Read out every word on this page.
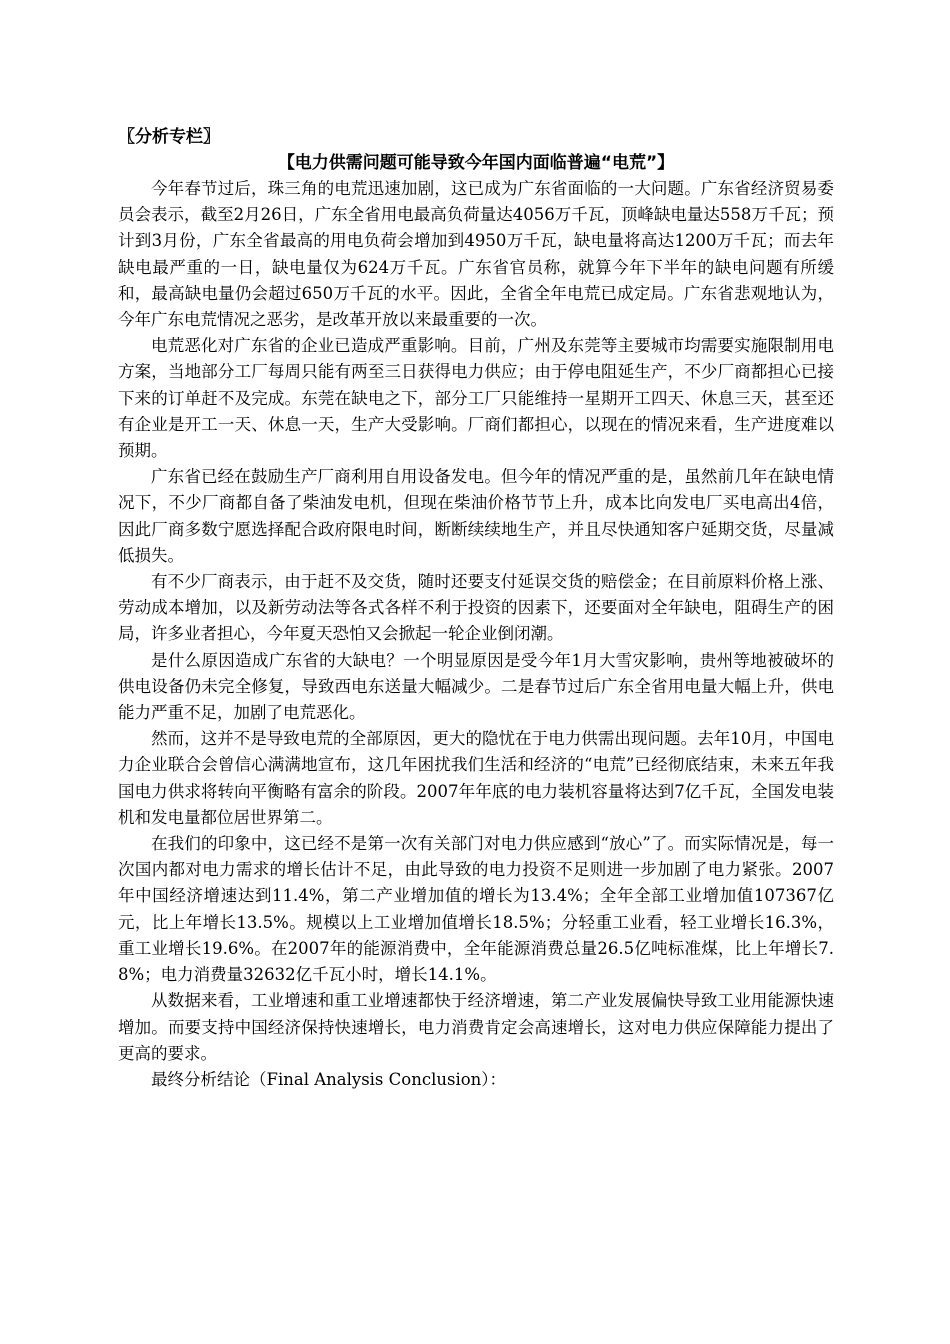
〖分析专栏〗
【电力供需问题可能导致今年国内面临普遍“电荒”】

今年春节过后，珠三角的电荒迅速加剧，这已成为广东省面临的一大问题。广东省经济贸易委员会表示，截至2月26日，广东全省用电最高负荷量达4056万千瓦，顶峰缺电量达558万千瓦；预计到3月份，广东全省最高的用电负荷会增加到4950万千瓦，缺电量将高达1200万千瓦；而去年缺电最严重的一日，缺电量仅为624万千瓦。广东省官员称，就算今年下半年的缺电问题有所缓和，最高缺电量仍会超过650万千瓦的水平。因此，全省全年电荒已成定局。广东省悲观地认为，今年广东电荒情况之恶劣，是改革开放以来最重要的一次。

电荒恶化对广东省的企业已造成严重影响。目前，广州及东莞等主要城市均需要实施限制用电方案，当地部分工厂每周只能有两至三日获得电力供应；由于停电阻延生产，不少厂商都担心已接下来的订单赶不及完成。东莞在缺电之下，部分工厂只能维持一星期开工四天、休息三天，甚至还有企业是开工一天、休息一天，生产大受影响。厂商们都担心，以现在的情况来看，生产进度难以预期。

广东省已经在鼓励生产厂商利用自用设备发电。但今年的情况严重的是，虽然前几年在缺电情况下，不少厂商都自备了柴油发电机，但现在柴油价格节节上升，成本比向发电厂买电高出4倍，因此厂商多数宁愿选择配合政府限电时间，断断续续地生产，并且尽快通知客户延期交货，尽量减低损失。

有不少厂商表示，由于赶不及交货，随时还要支付延误交货的赔偿金；在目前原料价格上涨、劳动成本增加，以及新劳动法等各式各样不利于投资的因素下，还要面对全年缺电，阻碍生产的困局，许多业者担心，今年夏天恐怕又会掀起一轮企业倒闭潮。

是什么原因造成广东省的大缺电？一个明显原因是受今年1月大雪灾影响，贵州等地被破坏的供电设备仍未完全修复，导致西电东送量大幅减少。二是春节过后广东全省用电量大幅上升，供电能力严重不足，加剧了电荒恶化。

然而，这并不是导致电荒的全部原因，更大的隐忧在于电力供需出现问题。去年10月，中国电力企业联合会曾信心满满地宣布，这几年困扰我们生活和经济的“电荒”已经彻底结束，未来五年我国电力供求将转向平衡略有富余的阶段。2007年年底的电力装机容量将达到7亿千瓦，全国发电装机和发电量都位居世界第二。

在我们的印象中，这已经不是第一次有关部门对电力供应感到“放心”了。而实际情况是，每一次国内都对电力需求的增长估计不足，由此导致的电力投资不足则进一步加剧了电力紧张。2007年中国经济增速达到11.4%，第二产业增加值的增长为13.4%；全年全部工业增加值107367亿元，比上年增长13.5%。规模以上工业增加值增长18.5%；分轻重工业看，轻工业增长16.3%，重工业增长19.6%。在2007年的能源消费中，全年能源消费总量26.5亿吨标准煤，比上年增长7.8%；电力消费量32632亿千瓦小时，增长14.1%。

从数据来看，工业增速和重工业增速都快于经济增速，第二产业发展偏快导致工业用能源快速增加。而要支持中国经济保持快速增长，电力消费肯定会高速增长，这对电力供应保障能力提出了更高的要求。

最终分析结论（Final Analysis Conclusion）：
